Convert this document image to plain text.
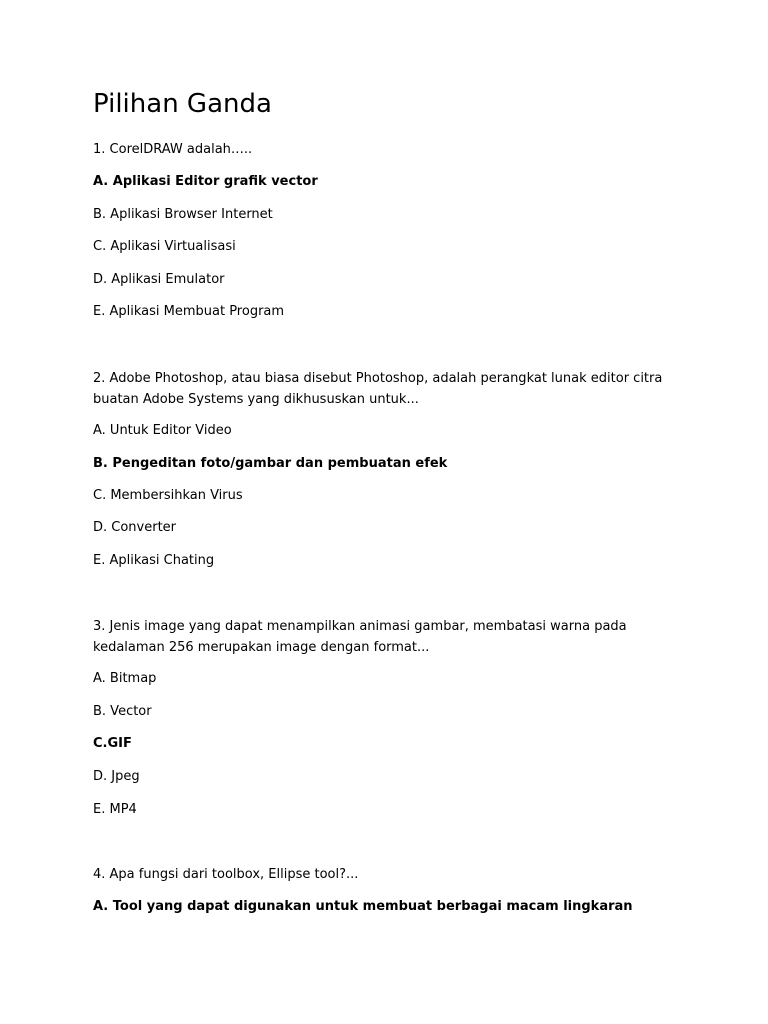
Pilihan Ganda
1. CorelDRAW adalah…..
A. Aplikasi Editor grafik vector
B. Aplikasi Browser Internet
C. Aplikasi Virtualisasi
D. Aplikasi Emulator
E. Aplikasi Membuat Program

2. Adobe Photoshop, atau biasa disebut Photoshop, adalah perangkat lunak editor citra buatan Adobe Systems yang dikhususkan untuk...

A. Untuk Editor Video
B. Pengeditan foto/gambar dan pembuatan efek
C. Membersihkan Virus
D. Converter
E. Aplikasi Chating

3. Jenis image yang dapat menampilkan animasi gambar, membatasi warna pada kedalaman 256 merupakan image dengan format...

A. Bitmap
B. Vector
C.GIF
D. Jpeg
E. MP4
4. Apa fungsi dari toolbox, Ellipse tool?...
A. Tool yang dapat digunakan untuk membuat berbagai macam lingkaran
